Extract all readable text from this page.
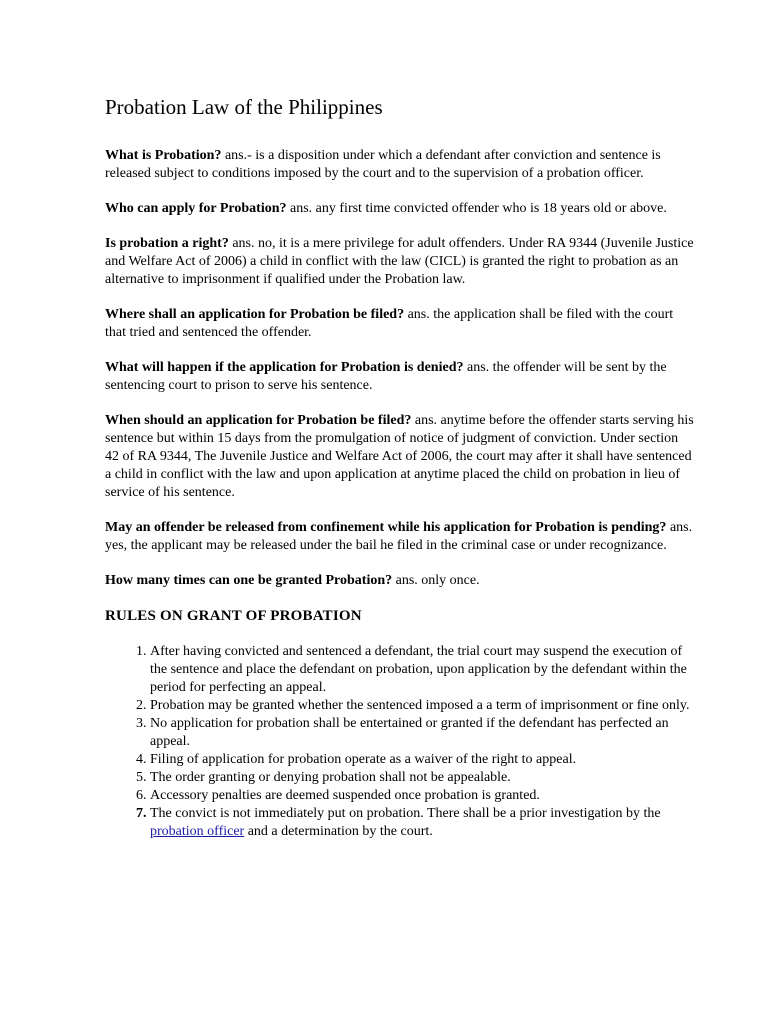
Probation Law of the Philippines

What is Probation? ans.- is a disposition under which a defendant after conviction and sentence is released subject to conditions imposed by the court and to the supervision of a probation officer.

Who can apply for Probation? ans. any first time convicted offender who is 18 years old or above.

Is probation a right? ans. no, it is a mere privilege for adult offenders. Under RA 9344 (Juvenile Justice and Welfare Act of 2006) a child in conflict with the law (CICL) is granted the right to probation as an alternative to imprisonment if qualified under the Probation law.

Where shall an application for Probation be filed? ans. the application shall be filed with the court that tried and sentenced the offender.

What will happen if the application for Probation is denied? ans. the offender will be sent by the sentencing court to prison to serve his sentence.

When should an application for Probation be filed? ans. anytime before the offender starts serving his sentence but within 15 days from the promulgation of notice of judgment of conviction. Under section 42 of RA 9344, The Juvenile Justice and Welfare Act of 2006, the court may after it shall have sentenced a child in conflict with the law and upon application at anytime placed the child on probation in lieu of service of his sentence.

May an offender be released from confinement while his application for Probation is pending? ans. yes, the applicant may be released under the bail he filed in the criminal case or under recognizance.

How many times can one be granted Probation? ans. only once.

RULES ON GRANT OF PROBATION
1. After having convicted and sentenced a defendant, the trial court may suspend the execution of the sentence and place the defendant on probation, upon application by the defendant within the period for perfecting an appeal.
2. Probation may be granted whether the sentenced imposed a a term of imprisonment or fine only.
3. No application for probation shall be entertained or granted if the defendant has perfected an appeal.
4. Filing of application for probation operate as a waiver of the right to appeal.
5. The order granting or denying probation shall not be appealable.
6. Accessory penalties are deemed suspended once probation is granted.
7. The convict is not immediately put on probation. There shall be a prior investigation by the probation officer and a determination by the court.
